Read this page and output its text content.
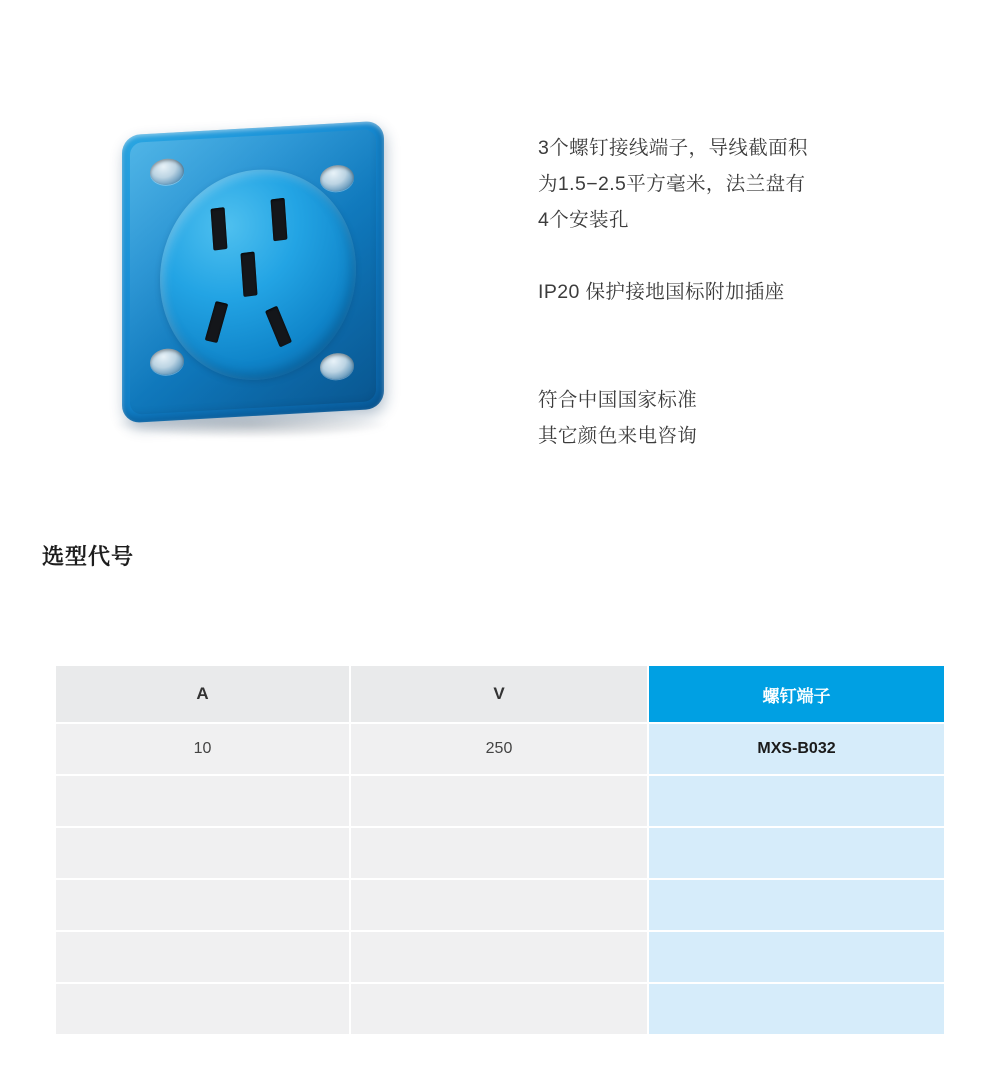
3个螺钉接线端子，导线截面积

为1.5−2.5平方毫米，法兰盘有

4个安装孔

IP20 保护接地国标附加插座

符合中国国家标准

其它颜色来电咨询

选型代号
A	V	螺钉端子
10	250	MXS-B032
